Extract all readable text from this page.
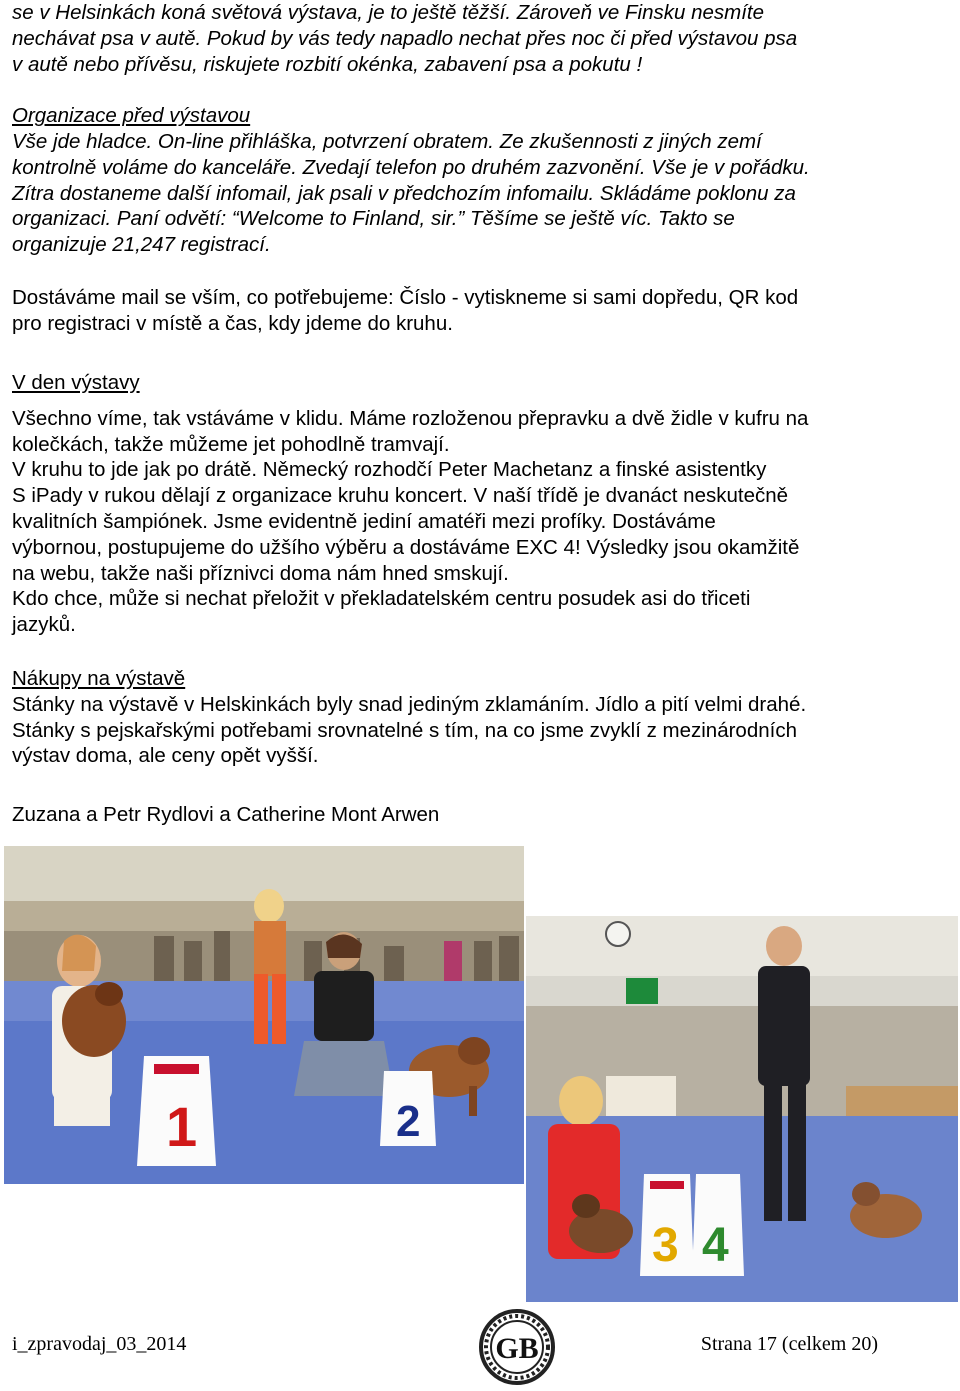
se v Helsinkách koná světová výstava, je to ještě těžší. Zároveň ve Finsku nesmíte
nechávat psa v autě. Pokud by vás tedy napadlo nechat přes noc či před výstavou psa
v autě nebo přívěsu, riskujete rozbití okénka, zabavení psa a pokutu !
Organizace před výstavou
Vše jde hladce. On-line přihláška, potvrzení obratem. Ze zkušennosti z jiných zemí
kontrolně voláme do kanceláře. Zvedají telefon po druhém zazvonění. Vše je v pořádku.
Zítra dostaneme další infomail, jak psali v předchozím infomailu. Skládáme poklonu za
organizaci. Paní odvětí: “Welcome to Finland, sir.” Těšíme se ještě víc. Takto se
organizuje 21,247 registrací.
Dostáváme mail se vším, co potřebujeme: Číslo - vytiskneme si sami dopředu, QR kod
pro registraci v místě a čas, kdy jdeme do kruhu.
V den výstavy
Všechno víme, tak vstáváme v klidu. Máme rozloženou přepravku a dvě židle v kufru na
kolečkách, takže můžeme jet pohodlně tramvají.
V kruhu to jde jak po drátě. Německý rozhodčí Peter Machetanz a finské asistentky
S iPady v rukou dělají z organizace kruhu koncert. V naší třídě je dvanáct neskutečně
kvalitních šampiónek. Jsme evidentně jediní amatéři mezi profíky. Dostáváme
výbornou, postupujeme do užšího výběru a dostáváme EXC 4! Výsledky jsou okamžitě
na webu, takže naši příznivci doma nám hned smskují.
Kdo chce, může si nechat přeložit v překladatelském centru posudek asi do třiceti
jazyků.
Nákupy na výstavě
Stánky na výstavě v Helskinkách byly snad jediným zklamáním. Jídlo a pití velmi drahé.
Stánky s pejskařskými potřebami srovnatelné s tím, na co jsme zvyklí z mezinárodních
výstav doma, ale ceny opět vyšší.
Zuzana a Petr Rydlovi a Catherine Mont Arwen
1	2
3 4
i_zpravodaj_03_2014	GB	Strana 17 (celkem 20)
